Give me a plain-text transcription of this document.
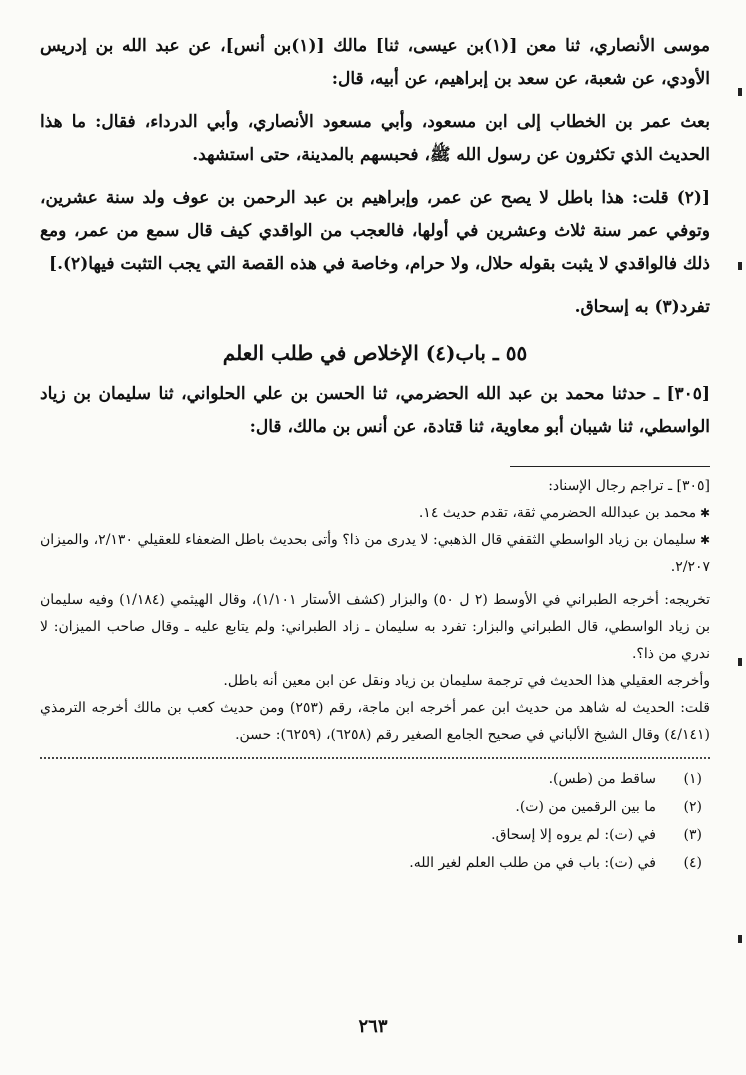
موسى الأنصاري، ثنا معن [(١)بن عيسى، ثنا] مالك [(١)بن أنس]، عن عبد الله بن إدريس الأودي، عن شعبة، عن سعد بن إبراهيم، عن أبيه، قال:

بعث عمر بن الخطاب إلى ابن مسعود، وأبي مسعود الأنصاري، وأبي الدرداء، فقال: ما هذا الحديث الذي تكثرون عن رسول الله ﷺ، فحبسهم بالمدينة، حتى استشهد.

[(٢) قلت: هذا باطل لا يصح عن عمر، وإبراهيم بن عبد الرحمن بن عوف ولد سنة عشرين، وتوفي عمر سنة ثلاث وعشرين في أولها، فالعجب من الواقدي كيف قال سمع من عمر، ومع ذلك فالواقدي لا يثبت بقوله حلال، ولا حرام، وخاصة في هذه القصة التي يجب التثبت فيها(٢).]

تفرد(٣) به إسحاق.

٥٥ ـ باب(٤) الإخلاص في طلب العلم

[٣٠٥] ـ حدثنا محمد بن عبد الله الحضرمي، ثنا الحسن بن علي الحلواني، ثنا سليمان بن زياد الواسطي، ثنا شيبان أبو معاوية، ثنا قتادة، عن أنس بن مالك، قال:

[٣٠٥] ـ تراجم رجال الإسناد:

✱ محمد بن عبدالله الحضرمي ثقة، تقدم حديث ١٤.

✱ سليمان بن زياد الواسطي الثقفي قال الذهبي: لا يدرى من ذا؟ وأتى بحديث باطل الضعفاء للعقيلي ٢/١٣٠، والميزان ٢/٢٠٧.

تخريجه: أخرجه الطبراني في الأوسط (٢ ل ٥٠) والبزار (كشف الأستار ١/١٠١)، وقال الهيثمي (١/١٨٤) وفيه سليمان بن زياد الواسطي، قال الطبراني والبزار: تفرد به سليمان ـ زاد الطبراني: ولم يتابع عليه ـ وقال صاحب الميزان: لا ندري من ذا؟.

وأخرجه العقيلي هذا الحديث في ترجمة سليمان بن زياد ونقل عن ابن معين أنه باطل.

قلت: الحديث له شاهد من حديث ابن عمر أخرجه ابن ماجة، رقم (٢٥٣) ومن حديث كعب بن مالك أخرجه الترمذي (٤/١٤١) وقال الشيخ الألباني في صحيح الجامع الصغير رقم (٦٢٥٨)، (٦٢٥٩): حسن.

(١)
ساقط من (طس).
(٢)
ما بين الرقمين من (ت).
(٣)
في (ت): لم يروه إلا إسحاق.
(٤)
في (ت): باب في من طلب العلم لغير الله.
٢٦٣
